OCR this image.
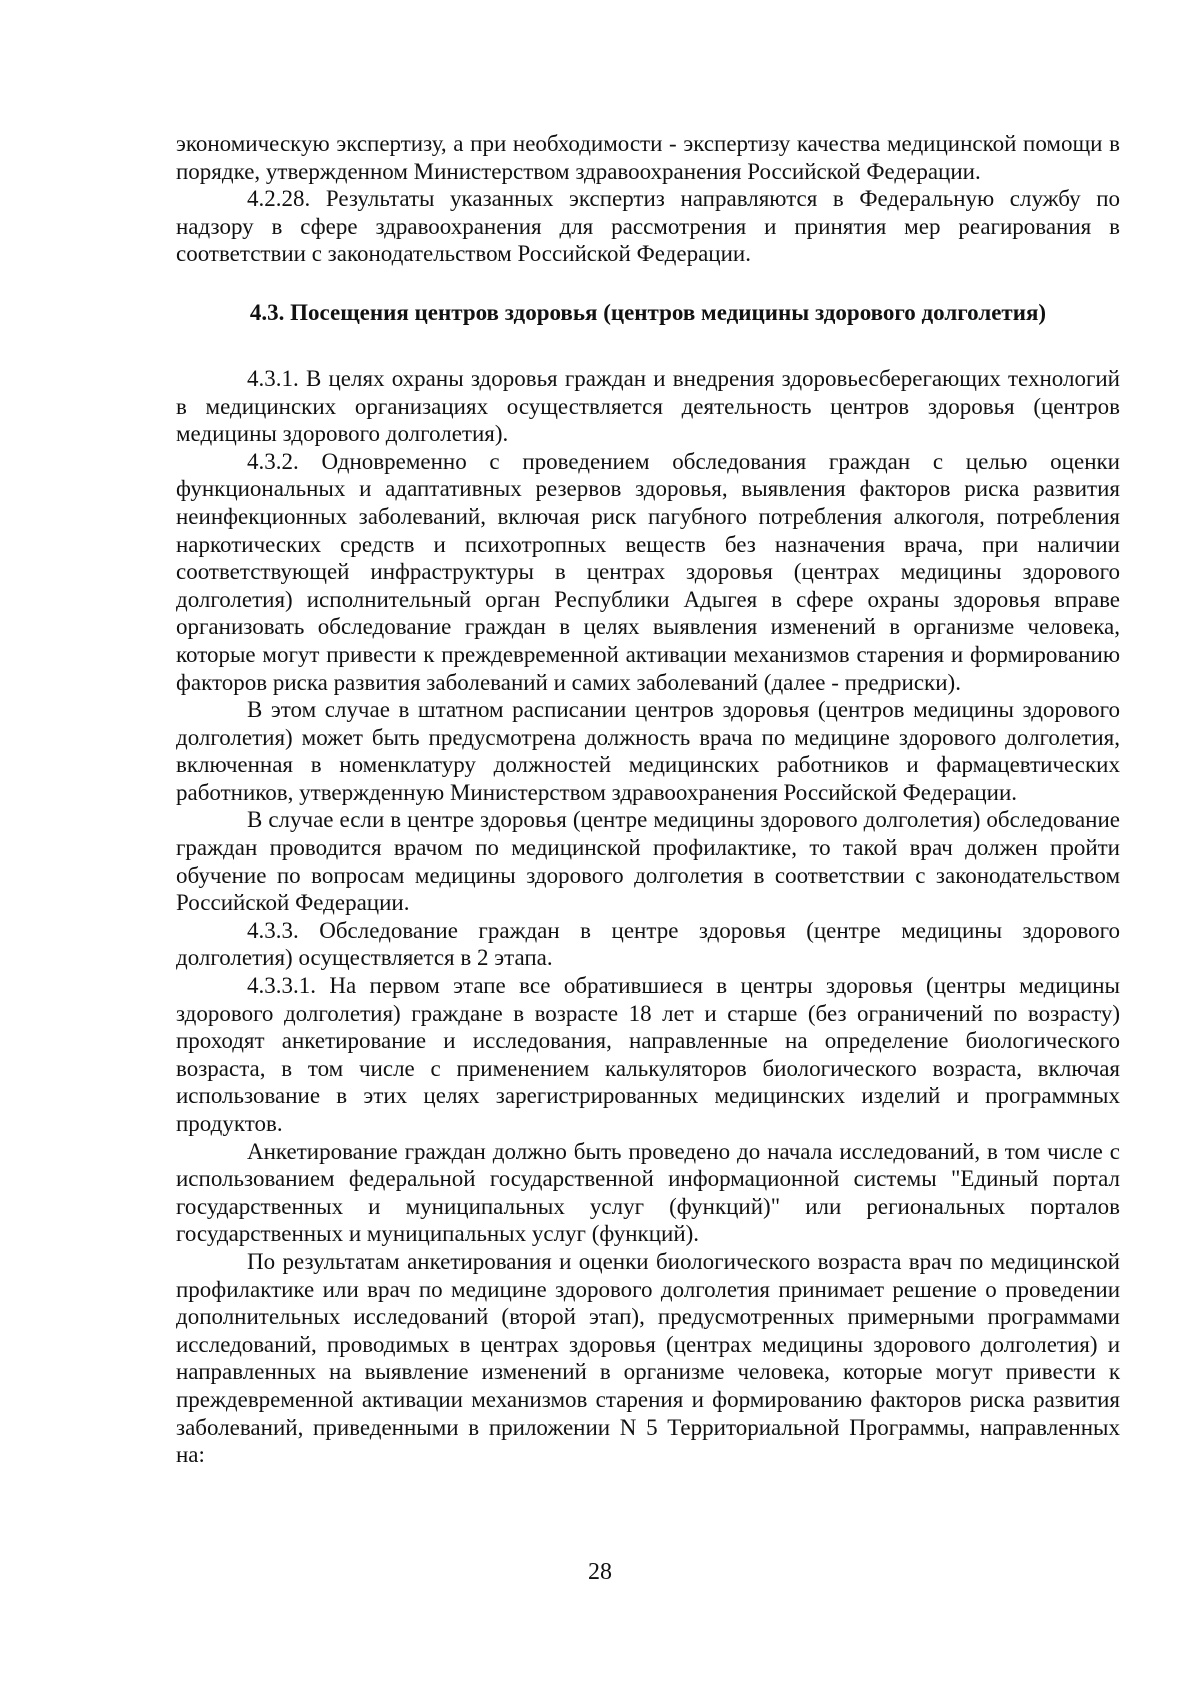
экономическую экспертизу, а при необходимости - экспертизу качества медицинской помощи в порядке, утвержденном Министерством здравоохранения Российской Федерации.

4.2.28. Результаты указанных экспертиз направляются в Федеральную службу по надзору в сфере здравоохранения для рассмотрения и принятия мер реагирования в соответствии с законодательством Российской Федерации.

4.3. Посещения центров здоровья (центров медицины здорового долголетия)

4.3.1. В целях охраны здоровья граждан и внедрения здоровьесберегающих технологий в медицинских организациях осуществляется деятельность центров здоровья (центров медицины здорового долголетия).

4.3.2. Одновременно с проведением обследования граждан с целью оценки функциональных и адаптативных резервов здоровья, выявления факторов риска развития неинфекционных заболеваний, включая риск пагубного потребления алкоголя, потребления наркотических средств и психотропных веществ без назначения врача, при наличии соответствующей инфраструктуры в центрах здоровья (центрах медицины здорового долголетия) исполнительный орган Республики Адыгея в сфере охраны здоровья вправе организовать обследование граждан в целях выявления изменений в организме человека, которые могут привести к преждевременной активации механизмов старения и формированию факторов риска развития заболеваний и самих заболеваний (далее - предриски).

В этом случае в штатном расписании центров здоровья (центров медицины здорового долголетия) может быть предусмотрена должность врача по медицине здорового долголетия, включенная в номенклатуру должностей медицинских работников и фармацевтических работников, утвержденную Министерством здравоохранения Российской Федерации.

В случае если в центре здоровья (центре медицины здорового долголетия) обследование граждан проводится врачом по медицинской профилактике, то такой врач должен пройти обучение по вопросам медицины здорового долголетия в соответствии с законодательством Российской Федерации.

4.3.3. Обследование граждан в центре здоровья (центре медицины здорового долголетия) осуществляется в 2 этапа.

4.3.3.1. На первом этапе все обратившиеся в центры здоровья (центры медицины здорового долголетия) граждане в возрасте 18 лет и старше (без ограничений по возрасту) проходят анкетирование и исследования, направленные на определение биологического возраста, в том числе с применением калькуляторов биологического возраста, включая использование в этих целях зарегистрированных медицинских изделий и программных продуктов.

Анкетирование граждан должно быть проведено до начала исследований, в том числе с использованием федеральной государственной информационной системы "Единый портал государственных и муниципальных услуг (функций)" или региональных порталов государственных и муниципальных услуг (функций).

По результатам анкетирования и оценки биологического возраста врач по медицинской профилактике или врач по медицине здорового долголетия принимает решение о проведении дополнительных исследований (второй этап), предусмотренных примерными программами исследований, проводимых в центрах здоровья (центрах медицины здорового долголетия) и направленных на выявление изменений в организме человека, которые могут привести к преждевременной активации механизмов старения и формированию факторов риска развития заболеваний, приведенными в приложении N 5 Территориальной Программы, направленных на:

28
